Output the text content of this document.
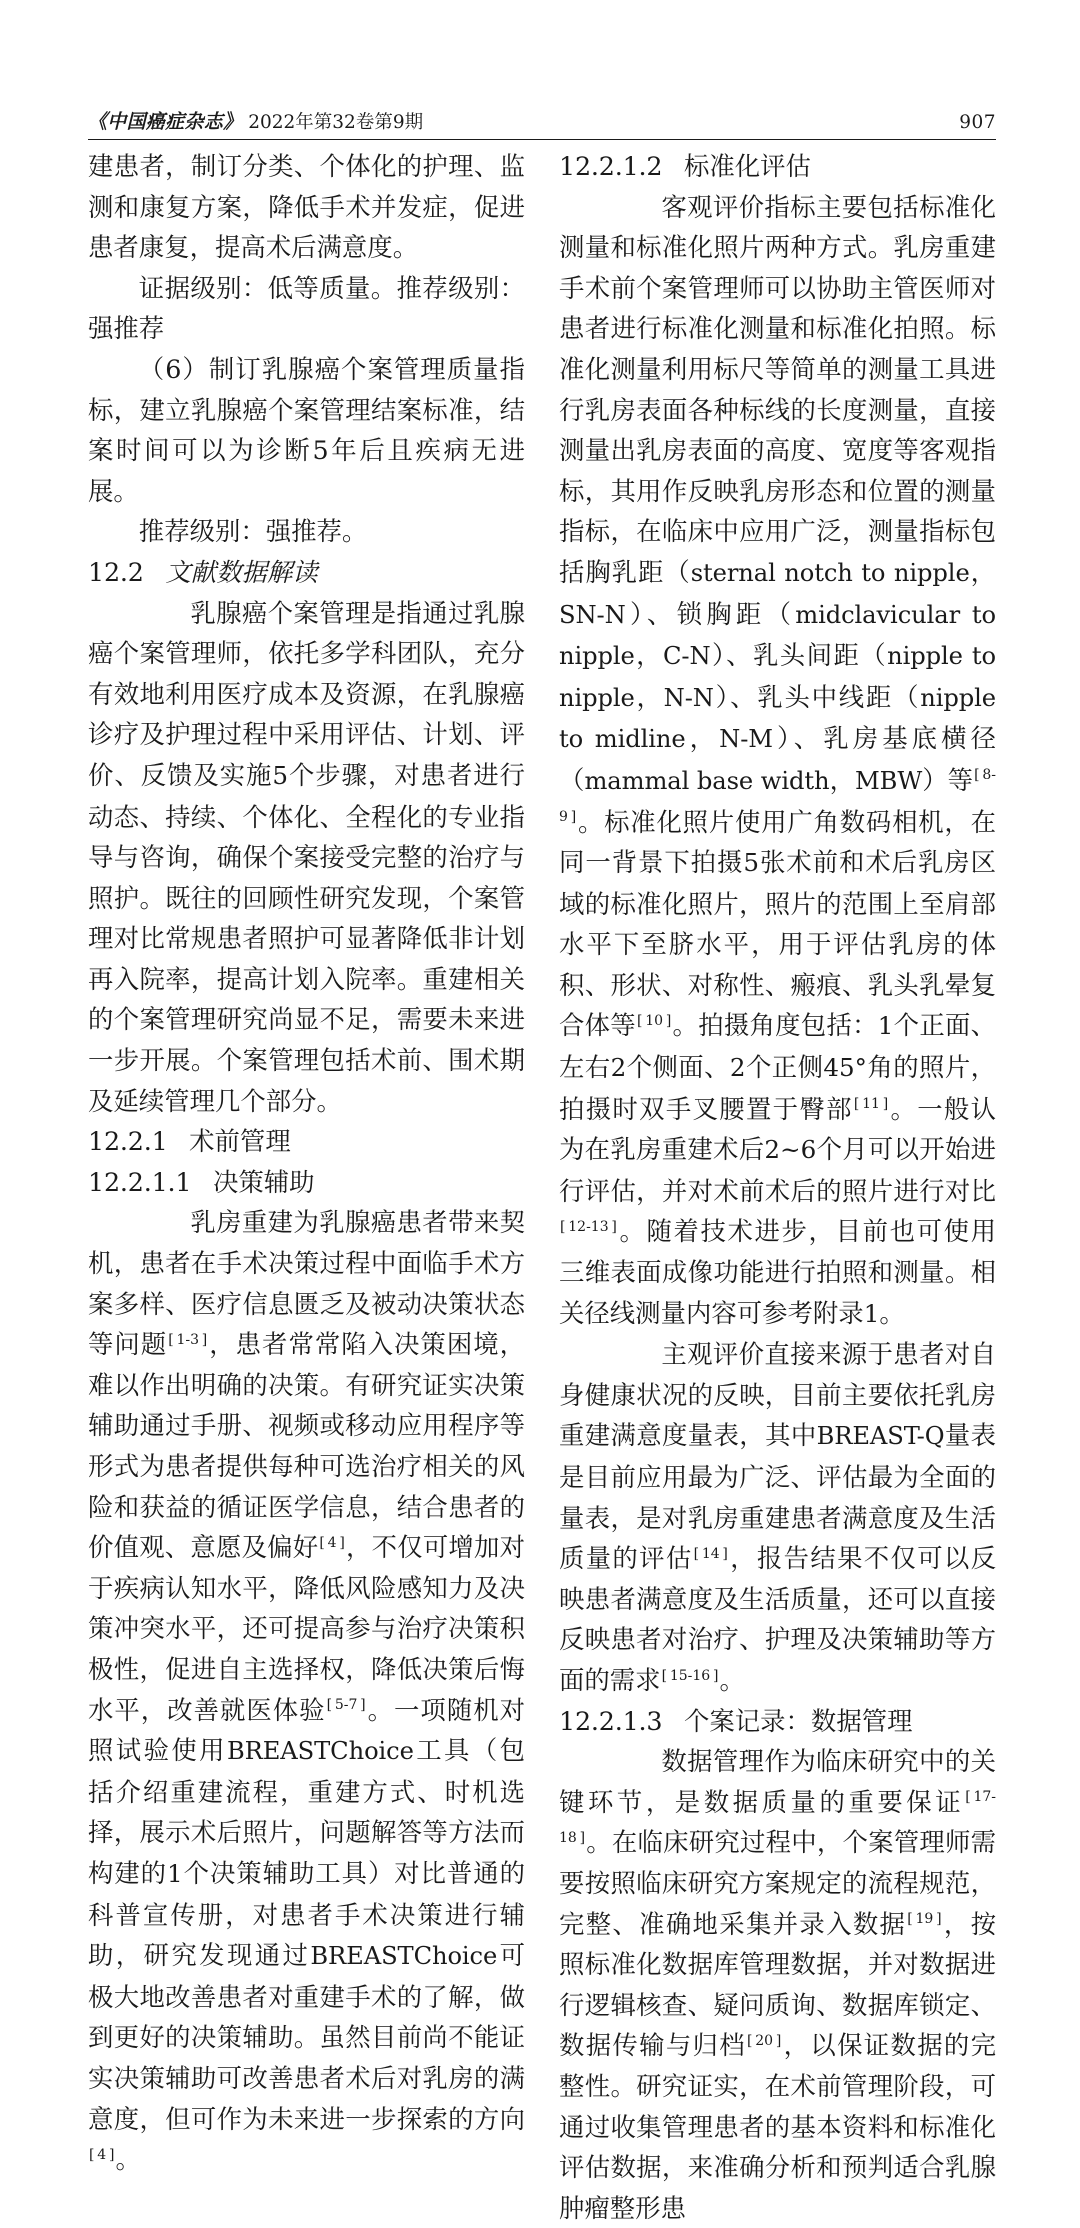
《中国癌症杂志》 2022年第32卷第9期	907

建患者，制订分类、个体化的护理、监测和康复方案，降低手术并发症，促进患者康复，提高术后满意度。

证据级别：低等质量。推荐级别：强推荐

（6）制订乳腺癌个案管理质量指标，建立乳腺癌个案管理结案标准，结案时间可以为诊断5年后且疾病无进展。

推荐级别：强推荐。

12.2 文献数据解读

　　乳腺癌个案管理是指通过乳腺癌个案管理师，依托多学科团队，充分有效地利用医疗成本及资源，在乳腺癌诊疗及护理过程中采用评估、计划、评价、反馈及实施5个步骤，对患者进行动态、持续、个体化、全程化的专业指导与咨询，确保个案接受完整的治疗与照护。既往的回顾性研究发现，个案管理对比常规患者照护可显著降低非计划再入院率，提高计划入院率。重建相关的个案管理研究尚显不足，需要未来进一步开展。个案管理包括术前、围术期及延续管理几个部分。

12.2.1 术前管理
12.2.1.1 决策辅助

　　乳房重建为乳腺癌患者带来契机，患者在手术决策过程中面临手术方案多样、医疗信息匮乏及被动决策状态等问题[ 1-3 ]，患者常常陷入决策困境，难以作出明确的决策。有研究证实决策辅助通过手册、视频或移动应用程序等形式为患者提供每种可选治疗相关的风险和获益的循证医学信息，结合患者的价值观、意愿及偏好[ 4 ]，不仅可增加对于疾病认知水平，降低风险感知力及决策冲突水平，还可提高参与治疗决策积极性，促进自主选择权，降低决策后悔水平，改善就医体验[ 5-7 ]。一项随机对照试验使用BREASTChoice工具（包括介绍重建流程，重建方式、时机选择，展示术后照片，问题解答等方法而构建的1个决策辅助工具）对比普通的科普宣传册，对患者手术决策进行辅助，研究发现通过BREASTChoice可极大地改善患者对重建手术的了解，做到更好的决策辅助。虽然目前尚不能证实决策辅助可改善患者术后对乳房的满意度，但可作为未来进一步探索的方向[ 4 ]。

12.2.1.2 标准化评估

　　客观评价指标主要包括标准化测量和标准化照片两种方式。乳房重建手术前个案管理师可以协助主管医师对患者进行标准化测量和标准化拍照。标准化测量利用标尺等简单的测量工具进行乳房表面各种标线的长度测量，直接测量出乳房表面的高度、宽度等客观指标，其用作反映乳房形态和位置的测量指标，在临床中应用广泛，测量指标包括胸乳距（sternal notch to nipple，SN-N）、锁胸距（midclavicular to nipple，C-N）、乳头间距（nipple to nipple，N-N）、乳头中线距（nipple to midline，N-M）、乳房基底横径（mammal base width，MBW）等[ 8-9 ]。标准化照片使用广角数码相机，在同一背景下拍摄5张术前和术后乳房区域的标准化照片，照片的范围上至肩部水平下至脐水平，用于评估乳房的体积、形状、对称性、瘢痕、乳头乳晕复合体等[ 10 ]。拍摄角度包括：1个正面、左右2个侧面、2个正侧45°角的照片，拍摄时双手叉腰置于臀部[ 11 ]。一般认为在乳房重建术后2~6个月可以开始进行评估，并对术前术后的照片进行对比[ 12-13 ]。随着技术进步，目前也可使用三维表面成像功能进行拍照和测量。相关径线测量内容可参考附录1。

　　主观评价直接来源于患者对自身健康状况的反映，目前主要依托乳房重建满意度量表，其中BREAST-Q量表是目前应用最为广泛、评估最为全面的量表，是对乳房重建患者满意度及生活质量的评估[ 14 ]，报告结果不仅可以反映患者满意度及生活质量，还可以直接反映患者对治疗、护理及决策辅助等方面的需求[ 15-16 ]。

12.2.1.3 个案记录：数据管理

　　数据管理作为临床研究中的关键环节，是数据质量的重要保证[ 17-18 ]。在临床研究过程中，个案管理师需要按照临床研究方案规定的流程规范，完整、准确地采集并录入数据[ 19 ]，按照标准化数据库管理数据，并对数据进行逻辑核查、疑问质询、数据库锁定、数据传输与归档[ 20 ]，以保证数据的完整性。研究证实，在术前管理阶段，可通过收集管理患者的基本资料和标准化评估数据，来准确分析和预判适合乳腺肿瘤整形患
